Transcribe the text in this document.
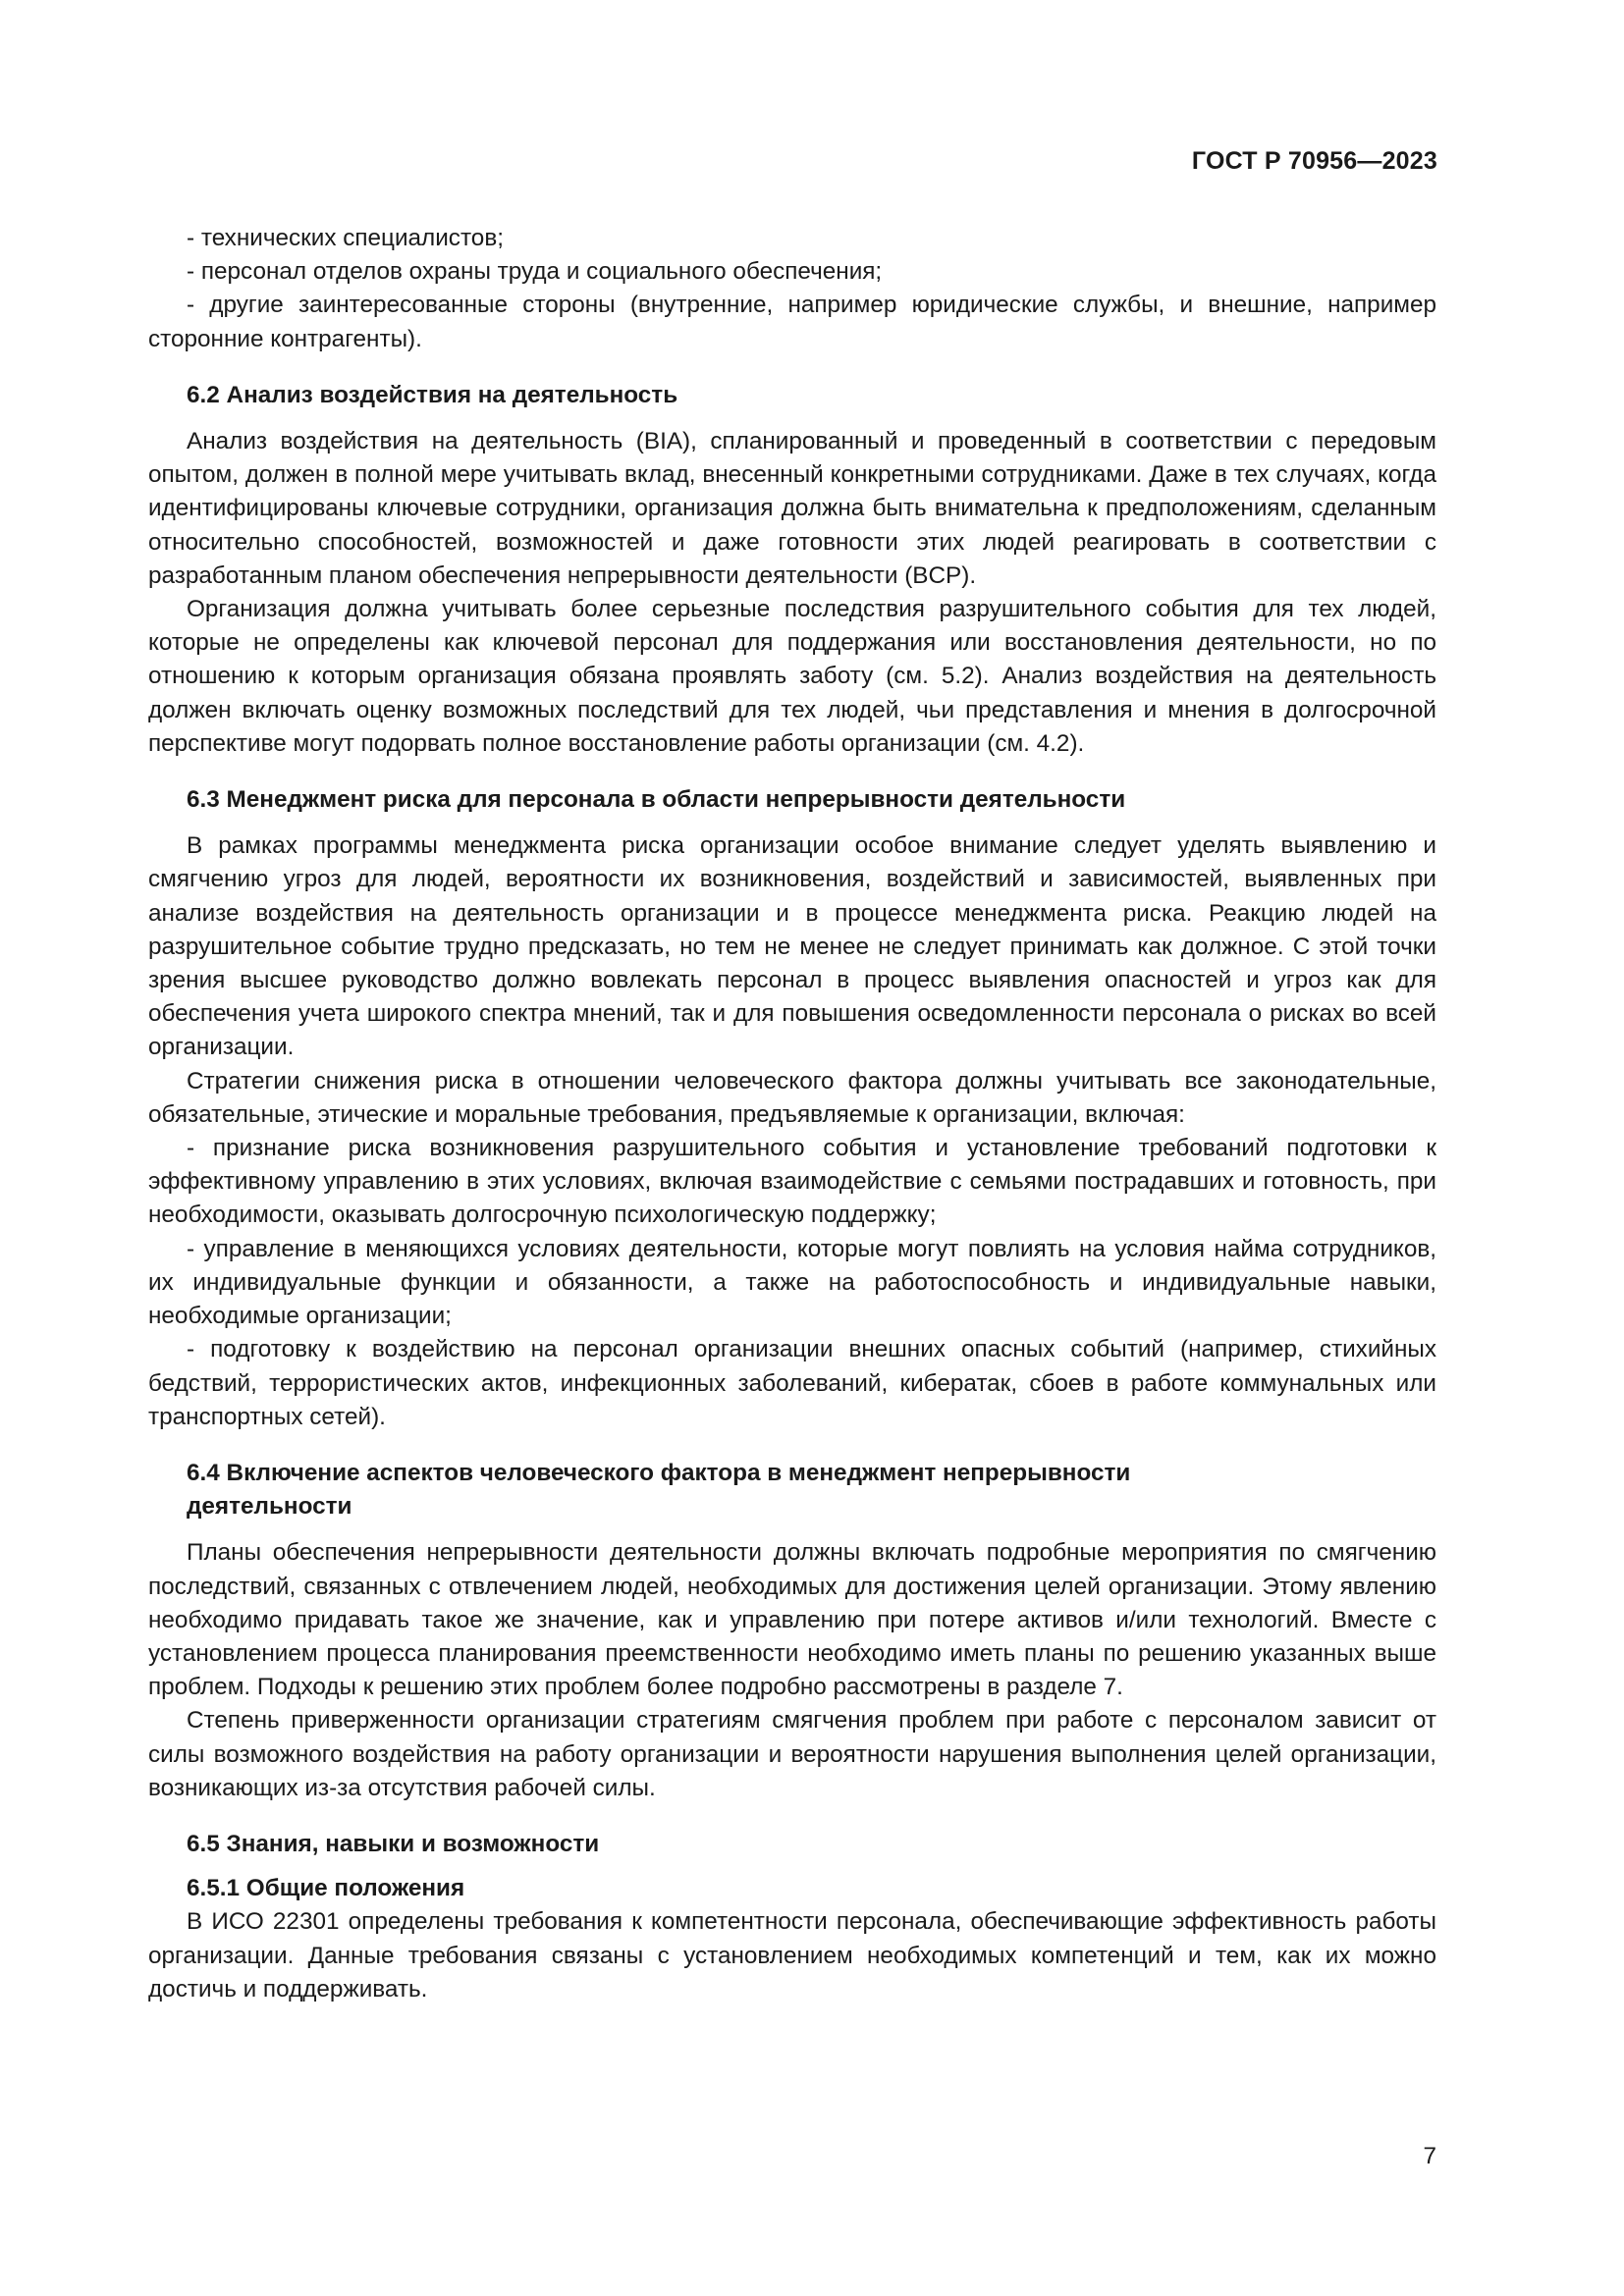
ГОСТ Р 70956—2023

- технических специалистов;

- персонал отделов охраны труда и социального обеспечения;

- другие заинтересованные стороны (внутренние, например юридические службы, и внешние, например сторонние контрагенты).

6.2 Анализ воздействия на деятельность

Анализ воздействия на деятельность (BIA), спланированный и проведенный в соответствии с передовым опытом, должен в полной мере учитывать вклад, внесенный конкретными сотрудниками. Даже в тех случаях, когда идентифицированы ключевые сотрудники, организация должна быть внимательна к предположениям, сделанным относительно способностей, возможностей и даже готовности этих людей реагировать в соответствии с разработанным планом обеспечения непрерывности деятельности (BCP).

Организация должна учитывать более серьезные последствия разрушительного события для тех людей, которые не определены как ключевой персонал для поддержания или восстановления деятельности, но по отношению к которым организация обязана проявлять заботу (см. 5.2). Анализ воздействия на деятельность должен включать оценку возможных последствий для тех людей, чьи представления и мнения в долгосрочной перспективе могут подорвать полное восстановление работы организации (см. 4.2).

6.3 Менеджмент риска для персонала в области непрерывности деятельности

В рамках программы менеджмента риска организации особое внимание следует уделять выявлению и смягчению угроз для людей, вероятности их возникновения, воздействий и зависимостей, выявленных при анализе воздействия на деятельность организации и в процессе менеджмента риска. Реакцию людей на разрушительное событие трудно предсказать, но тем не менее не следует принимать как должное. С этой точки зрения высшее руководство должно вовлекать персонал в процесс выявления опасностей и угроз как для обеспечения учета широкого спектра мнений, так и для повышения осведомленности персонала о рисках во всей организации.

Стратегии снижения риска в отношении человеческого фактора должны учитывать все законодательные, обязательные, этические и моральные требования, предъявляемые к организации, включая:

- признание риска возникновения разрушительного события и установление требований подготовки к эффективному управлению в этих условиях, включая взаимодействие с семьями пострадавших и готовность, при необходимости, оказывать долгосрочную психологическую поддержку;

- управление в меняющихся условиях деятельности, которые могут повлиять на условия найма сотрудников, их индивидуальные функции и обязанности, а также на работоспособность и индивидуальные навыки, необходимые организации;

- подготовку к воздействию на персонал организации внешних опасных событий (например, стихийных бедствий, террористических актов, инфекционных заболеваний, кибератак, сбоев в работе коммунальных или транспортных сетей).

6.4 Включение аспектов человеческого фактора в менеджмент непрерывности
деятельности

Планы обеспечения непрерывности деятельности должны включать подробные мероприятия по смягчению последствий, связанных с отвлечением людей, необходимых для достижения целей организации. Этому явлению необходимо придавать такое же значение, как и управлению при потере активов и/или технологий. Вместе с установлением процесса планирования преемственности необходимо иметь планы по решению указанных выше проблем. Подходы к решению этих проблем более подробно рассмотрены в разделе 7.

Степень приверженности организации стратегиям смягчения проблем при работе с персоналом зависит от силы возможного воздействия на работу организации и вероятности нарушения выполнения целей организации, возникающих из-за отсутствия рабочей силы.

6.5 Знания, навыки и возможности
6.5.1 Общие положения

В ИСО 22301 определены требования к компетентности персонала, обеспечивающие эффективность работы организации. Данные требования связаны с установлением необходимых компетенций и тем, как их можно достичь и поддерживать.

7
